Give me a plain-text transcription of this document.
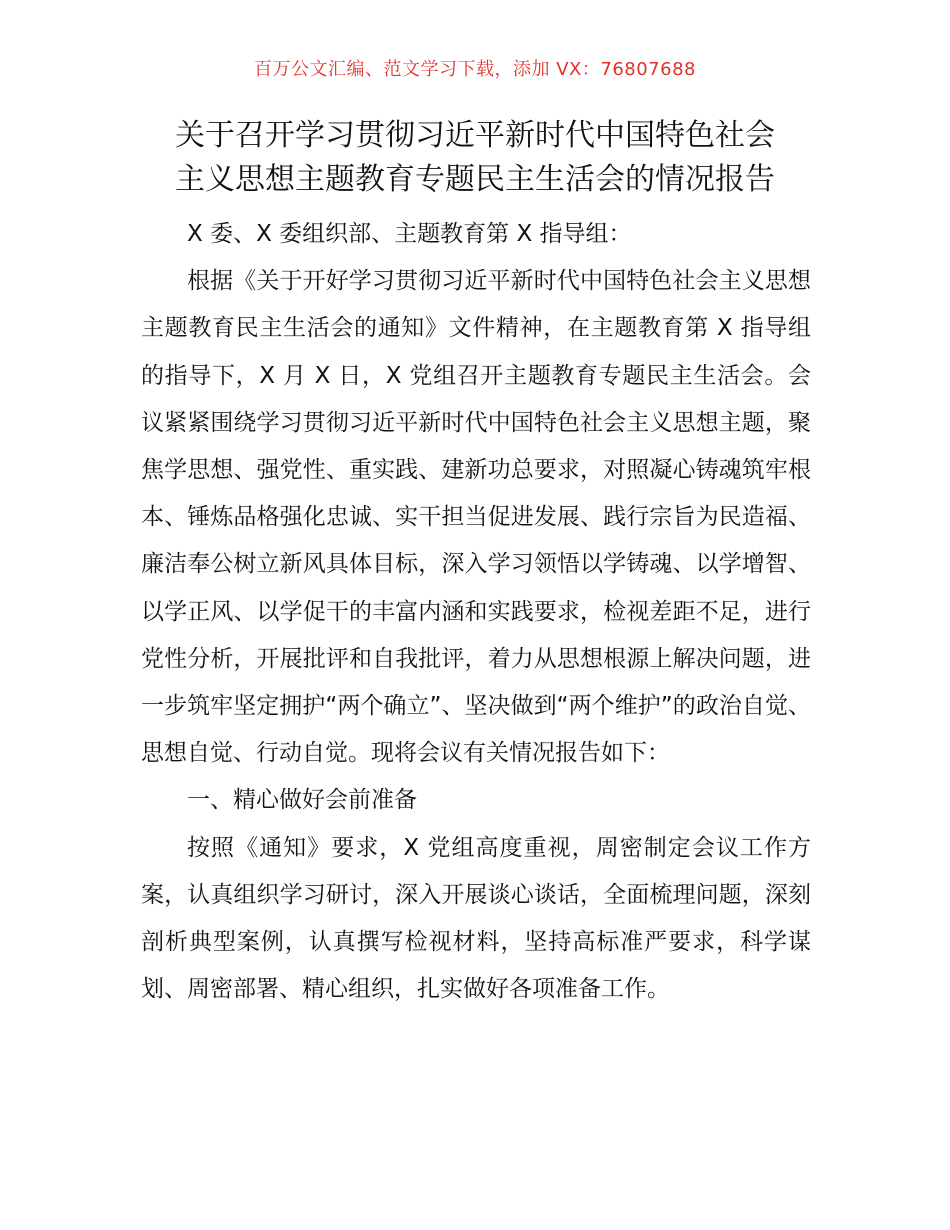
百万公文汇编、范文学习下载，添加 VX：76807688
关于召开学习贯彻习近平新时代中国特色社会
主义思想主题教育专题民主生活会的情况报告

X 委、X 委组织部、主题教育第 X 指导组：

根据《关于开好学习贯彻习近平新时代中国特色社会主义思想主题教育民主生活会的通知》文件精神，在主题教育第 X 指导组的指导下，X 月 X 日，X 党组召开主题教育专题民主生活会。会议紧紧围绕学习贯彻习近平新时代中国特色社会主义思想主题，聚焦学思想、强党性、重实践、建新功总要求，对照凝心铸魂筑牢根本、锤炼品格强化忠诚、实干担当促进发展、践行宗旨为民造福、廉洁奉公树立新风具体目标，深入学习领悟以学铸魂、以学增智、以学正风、以学促干的丰富内涵和实践要求，检视差距不足，进行党性分析，开展批评和自我批评，着力从思想根源上解决问题，进一步筑牢坚定拥护“两个确立”、坚决做到“两个维护”的政治自觉、思想自觉、行动自觉。现将会议有关情况报告如下：

一、精心做好会前准备

按照《通知》要求，X 党组高度重视，周密制定会议工作方案，认真组织学习研讨，深入开展谈心谈话，全面梳理问题，深刻剖析典型案例，认真撰写检视材料，坚持高标准严要求，科学谋划、周密部署、精心组织，扎实做好各项准备工作。
